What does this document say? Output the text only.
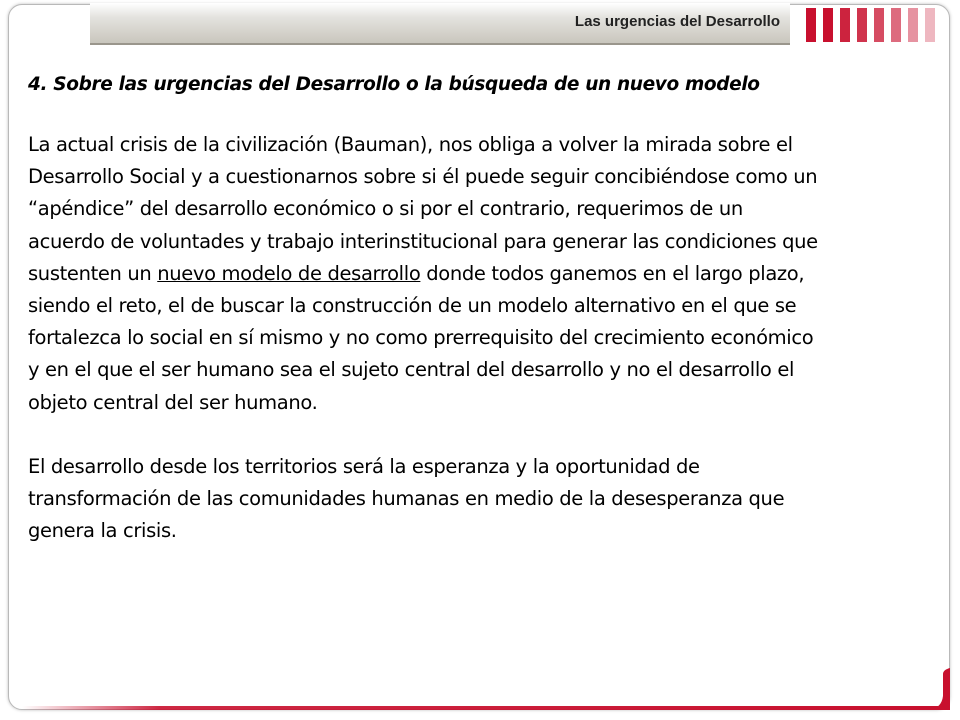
Las urgencias del Desarrollo

4. Sobre las urgencias del Desarrollo o la búsqueda de un nuevo modelo

La actual crisis de la civilización (Bauman), nos obliga a volver la mirada sobre el

Desarrollo Social y a cuestionarnos sobre si él puede seguir concibiéndose como un

“apéndice” del desarrollo económico o si por el contrario, requerimos de un

acuerdo de voluntades y trabajo interinstitucional para generar las condiciones que

sustenten un nuevo modelo de desarrollo donde todos ganemos en el largo plazo,

siendo el reto, el de buscar la construcción de un modelo alternativo en el que se

fortalezca lo social en sí mismo y no como prerrequisito del crecimiento económico

y en el que el ser humano sea el sujeto central del desarrollo y no el desarrollo el

objeto central del ser humano.

El desarrollo desde los territorios será la esperanza y la oportunidad de

transformación de las comunidades humanas en medio de la desesperanza que

genera la crisis.
